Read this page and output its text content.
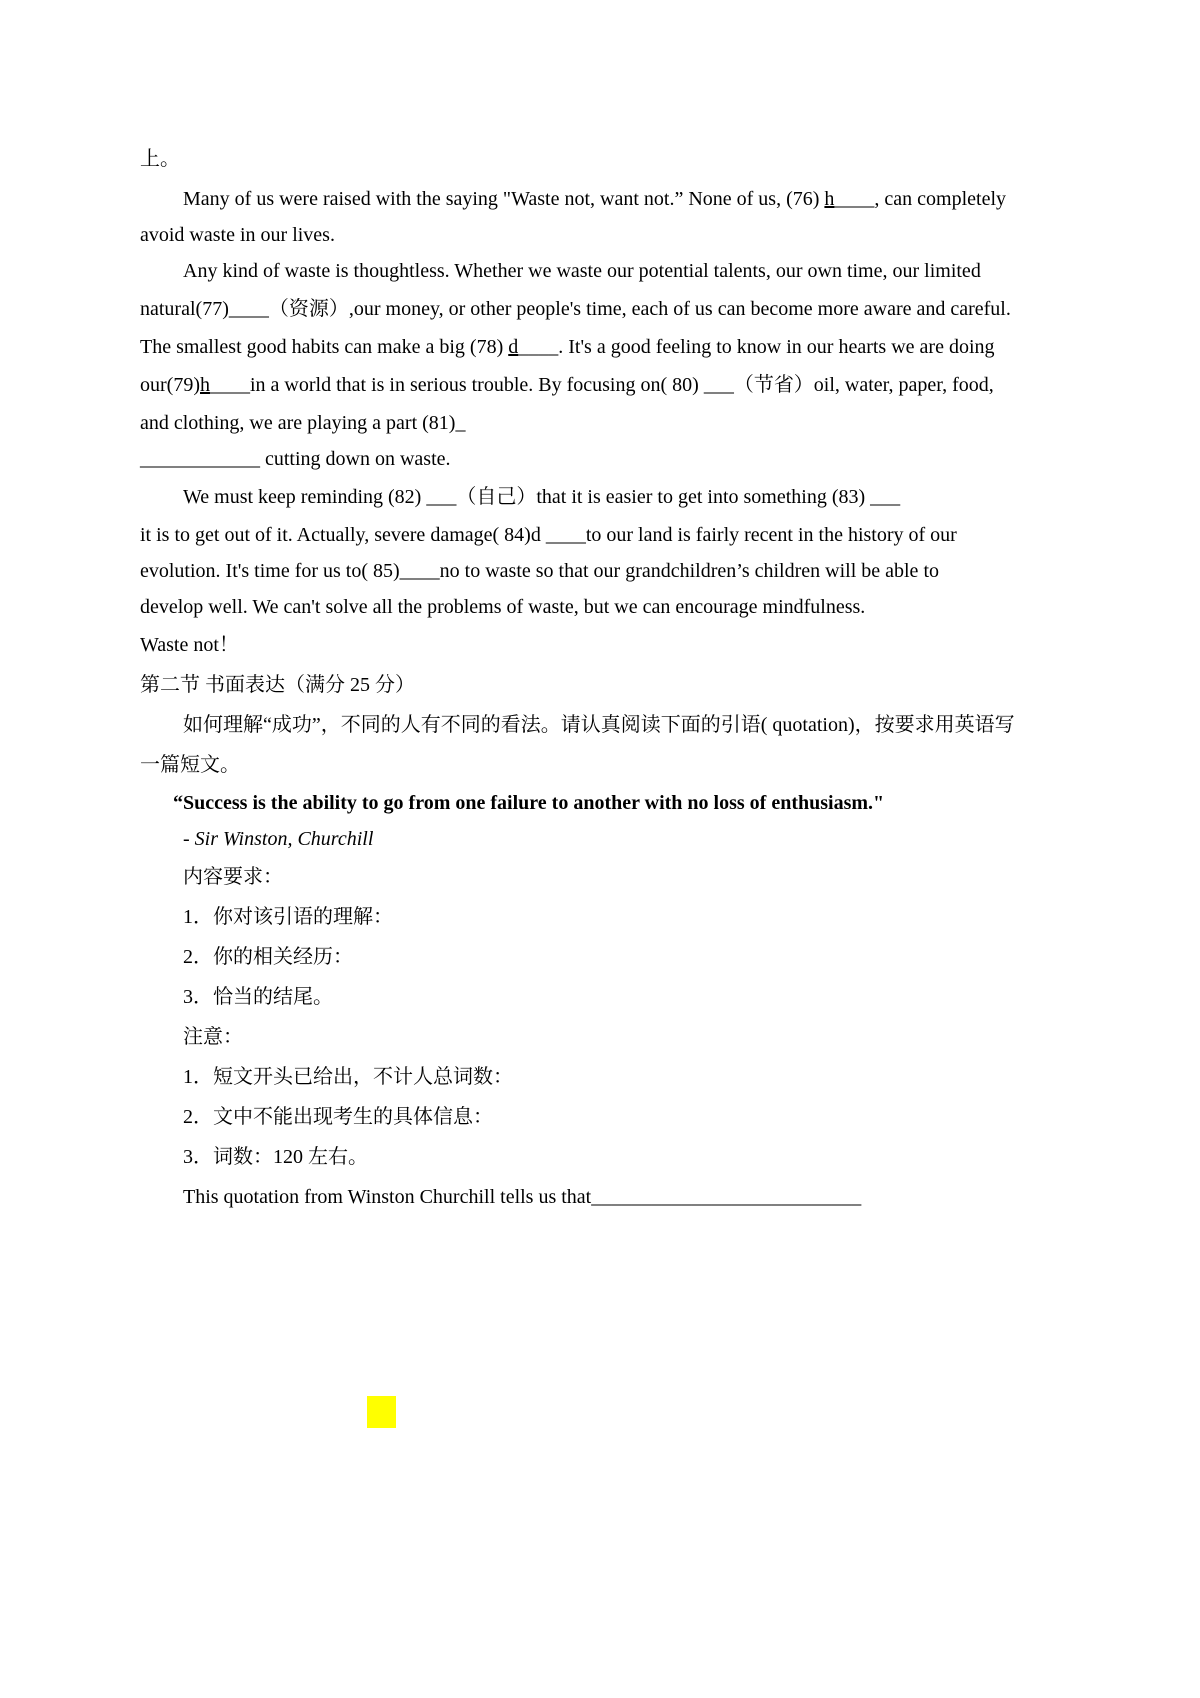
上。
Many of us were raised with the saying "Waste not, want not.” None of us, (76) h____, can completely
avoid waste in our lives.
Any kind of waste is thoughtless. Whether we waste our potential talents, our own time, our limited
natural(77)____（资源）,our money, or other people's time, each of us can become more aware and careful.
The smallest good habits can make a big (78) d____. It's a good feeling to know in our hearts we are doing
our(79)h____in a world that is in serious trouble. By focusing on( 80) ___（节省）oil, water, paper, food,
and clothing, we are playing a part (81)_
____________ cutting down on waste.
We must keep reminding (82) ___（自己）that it is easier to get into something (83) ___
it is to get out of it. Actually, severe damage( 84)d ____to our land is fairly recent in the history of our
evolution. It's time for us to( 85)____no to waste so that our grandchildren’s children will be able to
develop well. We can't solve all the problems of waste, but we can encourage mindfulness.
Waste not！
第二节 书面表达（满分 25 分）
如何理解“成功”，不同的人有不同的看法。请认真阅读下面的引语( quotation)，按要求用英语写
一篇短文。
“Success is the ability to go from one failure to another with no loss of enthusiasm."
- Sir Winston, Churchill
内容要求：
1．你对该引语的理解：
2．你的相关经历：
3．恰当的结尾。
注意：
1．短文开头已给出，不计人总词数：
2．文中不能出现考生的具体信息：
3．词数：120 左右。
This quotation from Winston Churchill tells us that___________________________
